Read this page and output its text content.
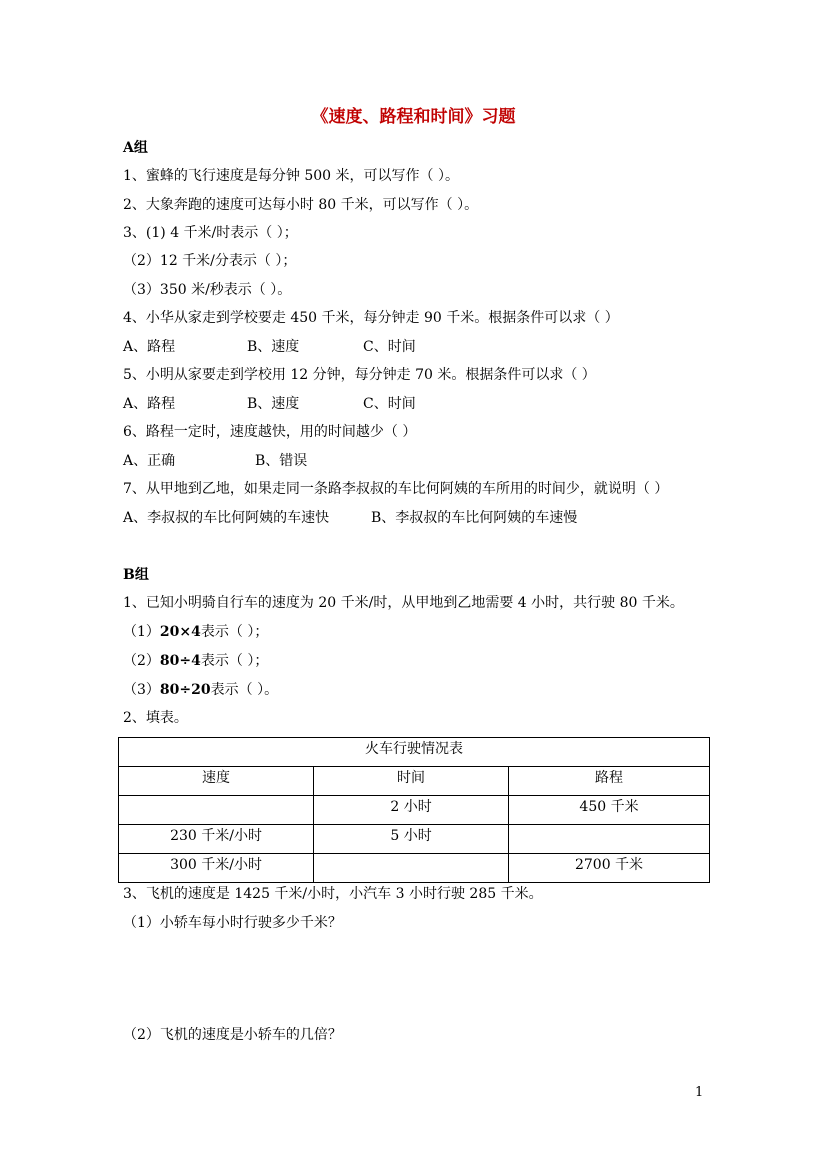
《速度、路程和时间》习题
A组
1、蜜蜂的飞行速度是每分钟 500 米，可以写作（ ）。
2、大象奔跑的速度可达每小时 80 千米，可以写作（ ）。
3、(1) 4 千米/时表示（ ）；
（2）12 千米/分表示（ ）；
（3）350 米/秒表示（ ）。
4、小华从家走到学校要走 450 千米，每分钟走 90 千米。根据条件可以求（ ）
A、路程	B、速度	C、时间
5、小明从家要走到学校用 12 分钟，每分钟走 70 米。根据条件可以求（ ）
A、路程	B、速度	C、时间
6、路程一定时，速度越快，用的时间越少（ ）
A、正确	B、错误
7、从甲地到乙地，如果走同一条路李叔叔的车比何阿姨的车所用的时间少，就说明（ ）
A、李叔叔的车比何阿姨的车速快	B、李叔叔的车比何阿姨的车速慢
B组
1、已知小明骑自行车的速度为 20 千米/时，从甲地到乙地需要 4 小时，共行驶 80 千米。
（1）20×4表示（ ）；
（2）80÷4表示（ ）；
（3）80÷20表示（ ）。
2、填表。
火车行驶情况表		
速度	时间	路程
	2 小时	450 千米
230 千米/小时	5 小时	
300 千米/小时		2700 千米
3、飞机的速度是 1425 千米/小时，小汽车 3 小时行驶 285 千米。
（1）小轿车每小时行驶多少千米？
（2）飞机的速度是小轿车的几倍？
1
